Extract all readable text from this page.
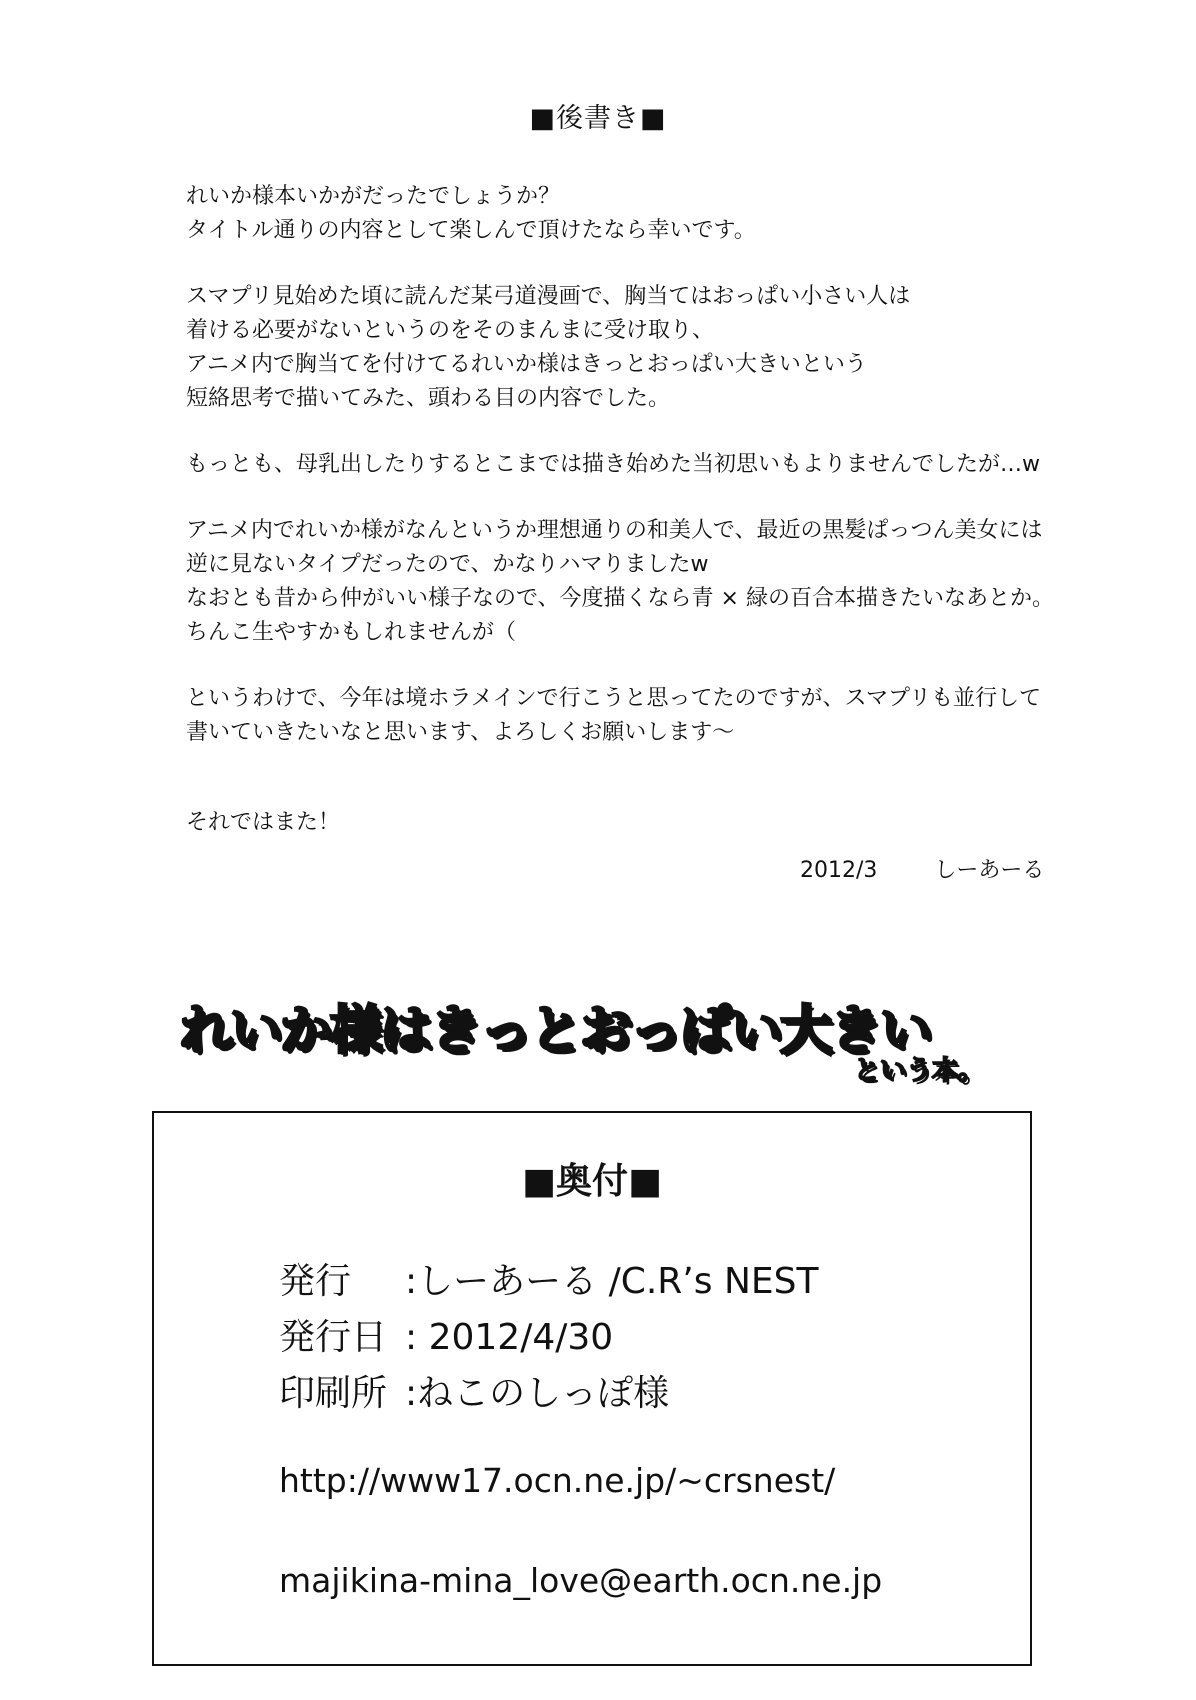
■後書き■

れいか様本いかがだったでしょうか？
タイトル通りの内容として楽しんで頂けたなら幸いです。

スマプリ見始めた頃に読んだ某弓道漫画で、胸当てはおっぱい小さい人は
着ける必要がないというのをそのまんまに受け取り、
アニメ内で胸当てを付けてるれいか様はきっとおっぱい大きいという
短絡思考で描いてみた、頭わる目の内容でした。

もっとも、母乳出したりするとこまでは描き始めた当初思いもよりませんでしたが…w

アニメ内でれいか様がなんというか理想通りの和美人で、最近の黒髪ぱっつん美女には
逆に見ないタイプだったので、かなりハマりましたw
なおとも昔から仲がいい様子なので、今度描くなら青 × 緑の百合本描きたいなあとか。
ちんこ生やすかもしれませんが（

というわけで、今年は境ホラメインで行こうと思ってたのですが、スマプリも並行して
書いていきたいなと思います、よろしくお願いします～

それではまた！

2012/3	しーあーる
れいか様はきっとおっぱい大きい
という本。
■奥付■
発行 :しーあーる /C.R’s NEST
発行日 : 2012/4/30
印刷所 :ねこのしっぽ様
http://www17.ocn.ne.jp/~crsnest/
majikina-mina_love@earth.ocn.ne.jp
